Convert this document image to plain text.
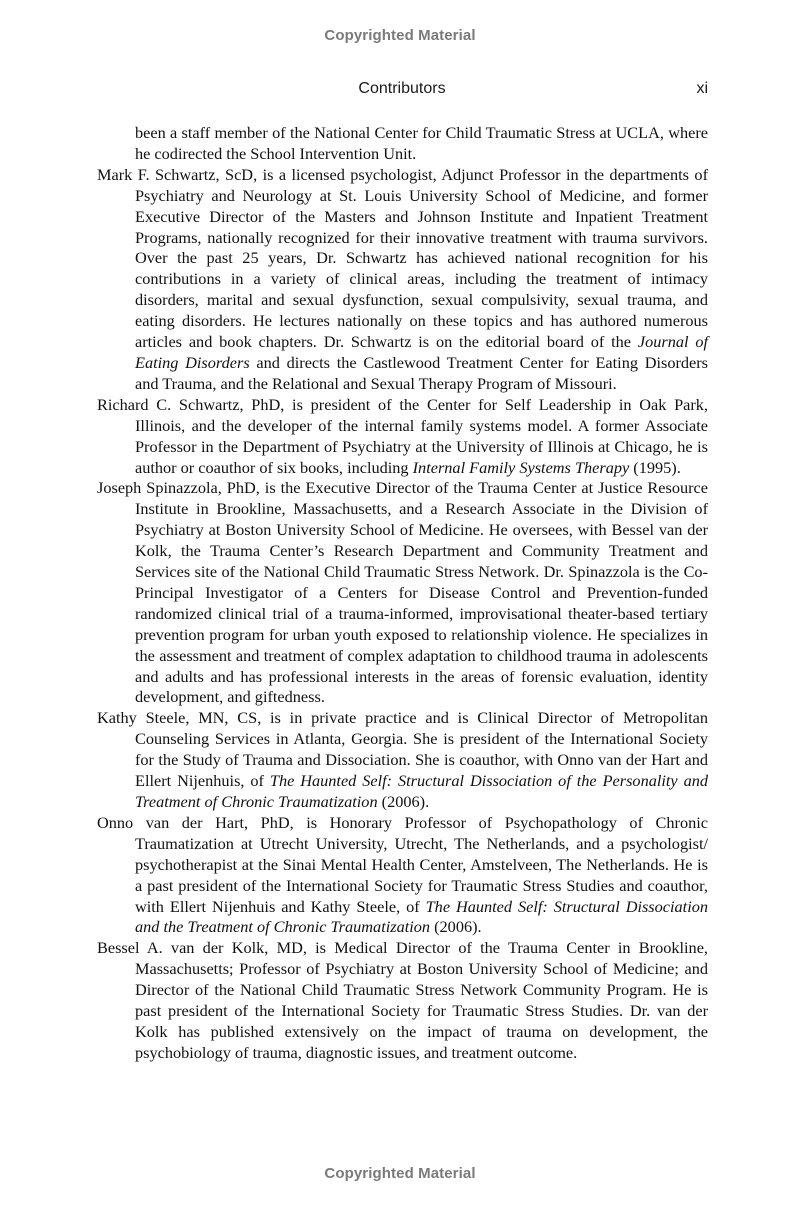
Copyrighted Material
Contributors	xi

been a staff member of the National Center for Child Traumatic Stress at UCLA, where he codirected the School Intervention Unit.

Mark F. Schwartz, ScD, is a licensed psychologist, Adjunct Professor in the departments of Psychiatry and Neurology at St. Louis University School of Medicine, and former Executive Director of the Masters and Johnson Institute and Inpatient Treatment Programs, nationally recognized for their innovative treatment with trauma survivors. Over the past 25 years, Dr. Schwartz has achieved national recognition for his contributions in a variety of clinical areas, including the treatment of intimacy disorders, marital and sexual dysfunction, sexual compulsivity, sexual trauma, and eating disorders. He lectures nationally on these topics and has authored numerous articles and book chapters. Dr. Schwartz is on the editorial board of the Journal of Eating Disorders and directs the Castlewood Treatment Center for Eating Disorders and Trauma, and the Relational and Sexual Therapy Program of Missouri.

Richard C. Schwartz, PhD, is president of the Center for Self Leadership in Oak Park, Illinois, and the developer of the internal family systems model. A former Associate Professor in the Department of Psychiatry at the University of Illinois at Chicago, he is author or coauthor of six books, including Internal Family Systems Therapy (1995).

Joseph Spinazzola, PhD, is the Executive Director of the Trauma Center at Justice Resource Institute in Brookline, Massachusetts, and a Research Associate in the Division of Psychiatry at Boston University School of Medicine. He oversees, with Bessel van der Kolk, the Trauma Center’s Research Department and Community Treatment and Services site of the National Child Traumatic Stress Network. Dr. Spinazzola is the Co-Principal Investigator of a Centers for Disease Control and Prevention-funded randomized clinical trial of a trauma-informed, improvisational theater-based tertiary prevention program for urban youth exposed to relationship violence. He specializes in the assessment and treatment of complex adaptation to childhood trauma in adolescents and adults and has professional interests in the areas of forensic evaluation, identity development, and giftedness.

Kathy Steele, MN, CS, is in private practice and is Clinical Director of Metropolitan Counseling Services in Atlanta, Georgia. She is president of the International Society for the Study of Trauma and Dissociation. She is coauthor, with Onno van der Hart and Ellert Nijenhuis, of The Haunted Self: Structural Dissociation of the Personality and Treatment of Chronic Traumatization (2006).

Onno van der Hart, PhD, is Honorary Professor of Psychopathology of Chronic Traumatization at Utrecht University, Utrecht, The Netherlands, and a psychologist/ psychotherapist at the Sinai Mental Health Center, Amstelveen, The Netherlands. He is a past president of the International Society for Traumatic Stress Studies and coauthor, with Ellert Nijenhuis and Kathy Steele, of The Haunted Self: Structural Dissociation and the Treatment of Chronic Traumatization (2006).

Bessel A. van der Kolk, MD, is Medical Director of the Trauma Center in Brookline, Massachusetts; Professor of Psychiatry at Boston University School of Medicine; and Director of the National Child Traumatic Stress Network Community Program. He is past president of the International Society for Traumatic Stress Studies. Dr. van der Kolk has published extensively on the impact of trauma on development, the psychobiology of trauma, diagnostic issues, and treatment outcome.

Copyrighted Material
